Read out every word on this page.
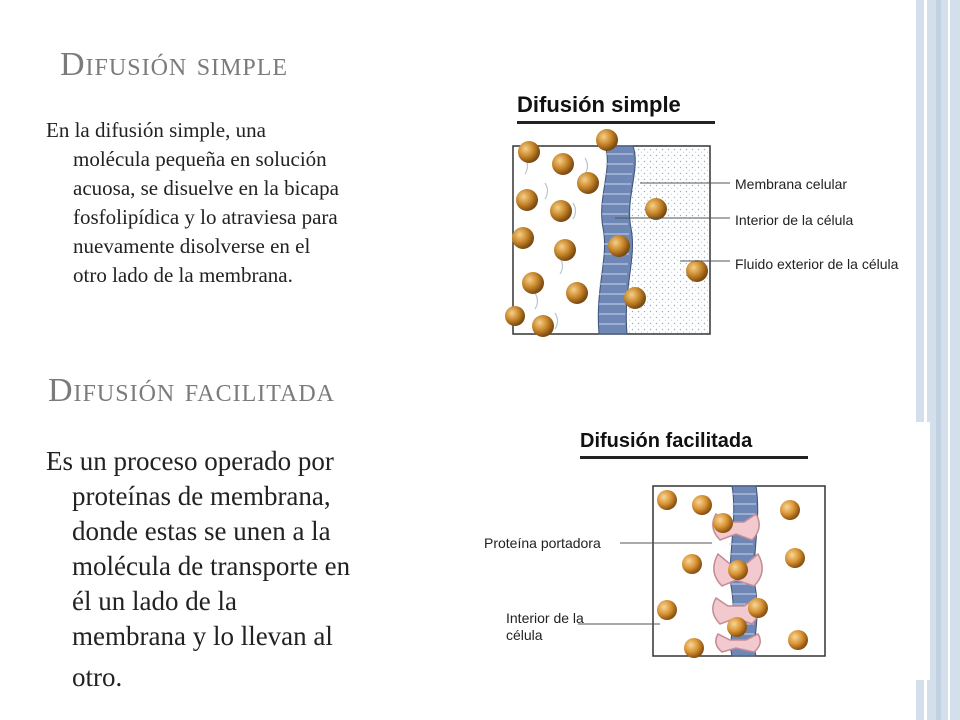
Difusión simple
En la difusión simple, una
molécula pequeña en solución
acuosa, se disuelve en la bicapa
fosfolipídica y lo atraviesa para
nuevamente disolverse en el
otro lado de la membrana.
Difusión simple
Membrana celular
Interior de la célula
Fluido exterior de la célula
Difusión facilitada
Es un proceso operado por
proteínas de membrana,
donde estas se unen a la
molécula de transporte en
él un lado de la
membrana y lo llevan al
otro.
Difusión facilitada
Proteína portadora
Interior de la célula
